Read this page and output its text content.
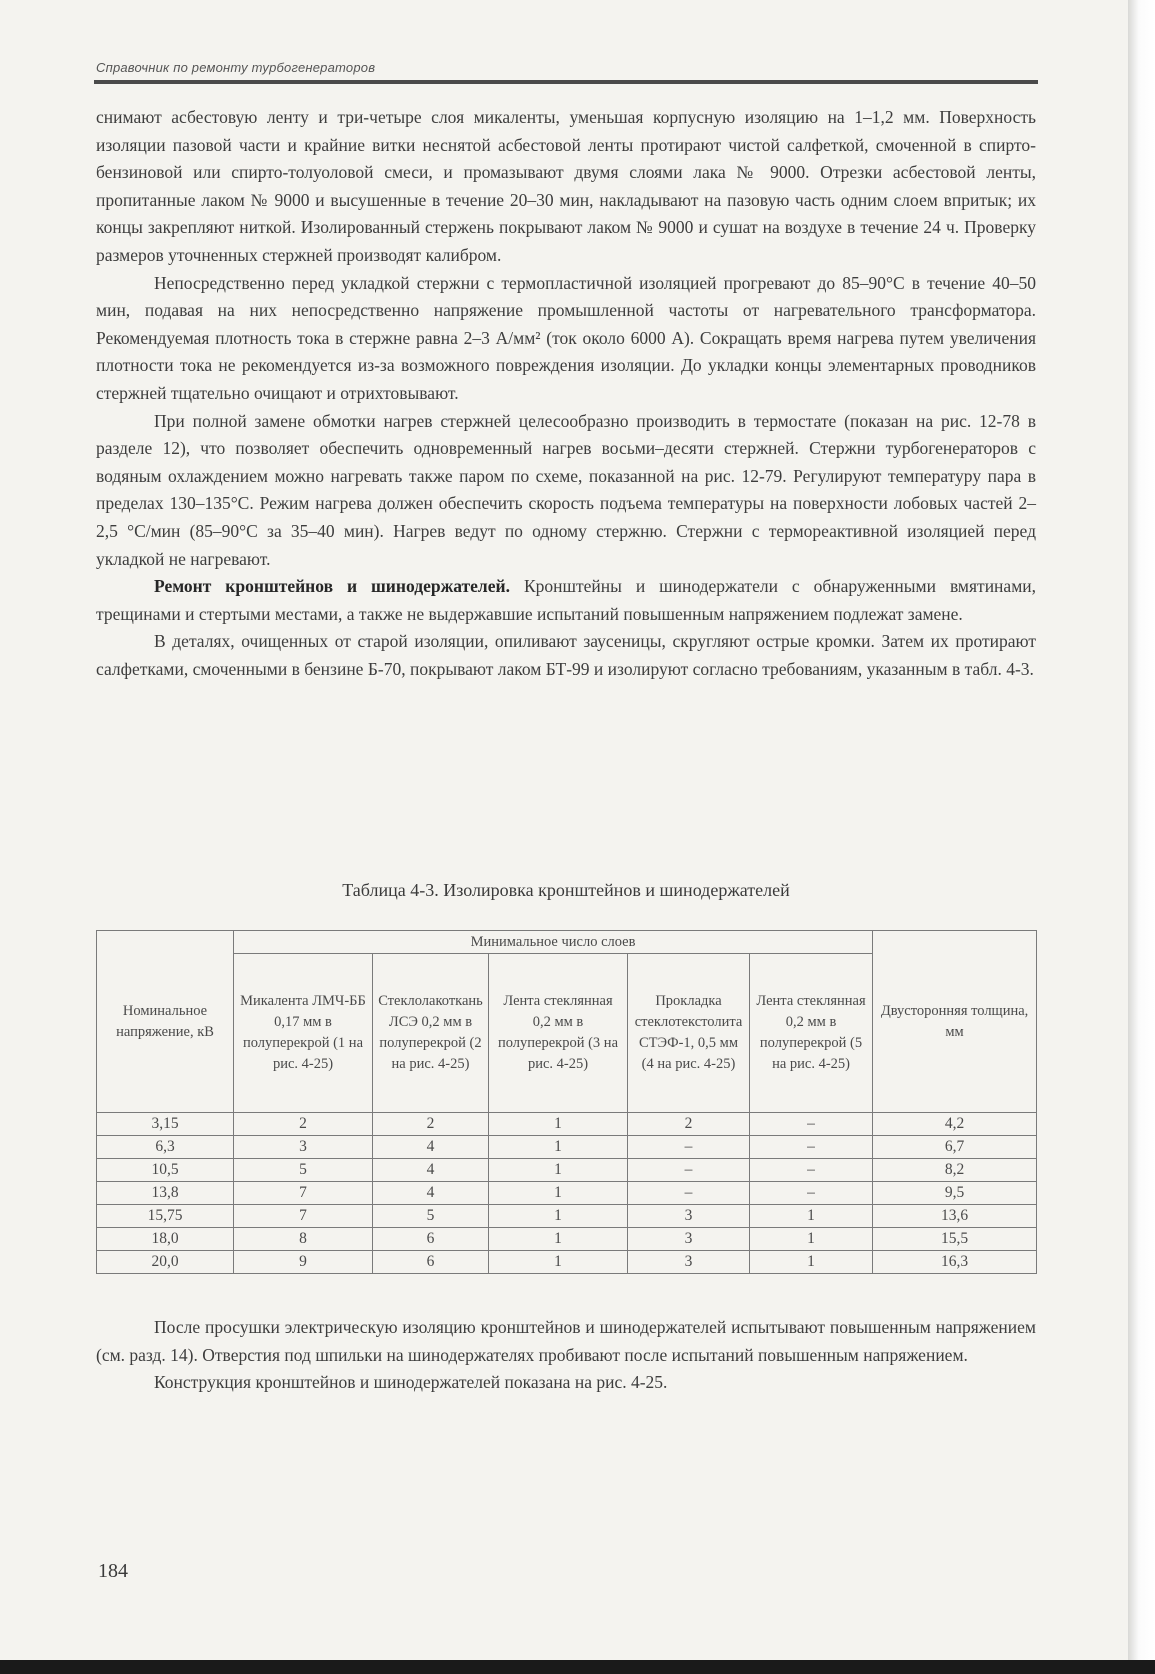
Справочник по ремонту турбогенераторов

снимают асбестовую ленту и три-четыре слоя микаленты, уменьшая корпусную изоляцию на 1–1,2 мм. Поверхность изоляции пазовой части и крайние витки неснятой асбестовой ленты протирают чистой салфеткой, смоченной в спирто-бензиновой или спирто-толуоловой смеси, и промазывают двумя слоями лака № 9000. Отрезки асбестовой ленты, пропитанные лаком № 9000 и высушенные в течение 20–30 мин, накладывают на пазовую часть одним слоем впритык; их концы закрепляют ниткой. Изолированный стержень покрывают лаком № 9000 и сушат на воздухе в течение 24 ч. Проверку размеров уточненных стержней производят калибром.

Непосредственно перед укладкой стержни с термопластичной изоляцией прогревают до 85–90°С в течение 40–50 мин, подавая на них непосредственно напряжение промышленной частоты от нагревательного трансформатора. Рекомендуемая плотность тока в стержне равна 2–3 А/мм² (ток около 6000 А). Сокращать время нагрева путем увеличения плотности тока не рекомендуется из-за возможного повреждения изоляции. До укладки концы элементарных проводников стержней тщательно очищают и отрихтовывают.

При полной замене обмотки нагрев стержней целесообразно производить в термостате (показан на рис. 12-78 в разделе 12), что позволяет обеспечить одновременный нагрев восьми–десяти стержней. Стержни турбогенераторов с водяным охлаждением можно нагревать также паром по схеме, показанной на рис. 12-79. Регулируют температуру пара в пределах 130–135°С. Режим нагрева должен обеспечить скорость подъема температуры на поверхности лобовых частей 2–2,5 °С/мин (85–90°С за 35–40 мин). Нагрев ведут по одному стержню. Стержни с термореактивной изоляцией перед укладкой не нагревают.

Ремонт кронштейнов и шинодержателей. Кронштейны и шинодержатели с обнаруженными вмятинами, трещинами и стертыми местами, а также не выдержавшие испытаний повышенным напряжением подлежат замене.

В деталях, очищенных от старой изоляции, опиливают заусеницы, скругляют острые кромки. Затем их протирают салфетками, смоченными в бензине Б-70, покрывают лаком БТ-99 и изолируют согласно требованиям, указанным в табл. 4-3.

Таблица 4-3. Изолировка кронштейнов и шинодержателей
Номинальное напряжение, кВ	Минимальное число слоев					Двусторонняя толщина, мм
	Микалента ЛМЧ-ББ 0,17 мм в полуперекрой (1 на рис. 4-25)	Стеклолакоткань ЛСЭ 0,2 мм в полуперекрой (2 на рис. 4-25)	Лента стеклянная 0,2 мм в полуперекрой (3 на рис. 4-25)	Прокладка стеклотекстолита СТЭФ-1, 0,5 мм (4 на рис. 4-25)	Лента стеклянная 0,2 мм в полуперекрой (5 на рис. 4-25)	
3,15	2	2	1	2	–	4,2
6,3	3	4	1	–	–	6,7
10,5	5	4	1	–	–	8,2
13,8	7	4	1	–	–	9,5
15,75	7	5	1	3	1	13,6
18,0	8	6	1	3	1	15,5
20,0	9	6	1	3	1	16,3

После просушки электрическую изоляцию кронштейнов и шинодержателей испытывают повышенным напряжением (см. разд. 14). Отверстия под шпильки на шинодержателях пробивают после испытаний повышенным напряжением.

Конструкция кронштейнов и шинодержателей показана на рис. 4-25.

184
